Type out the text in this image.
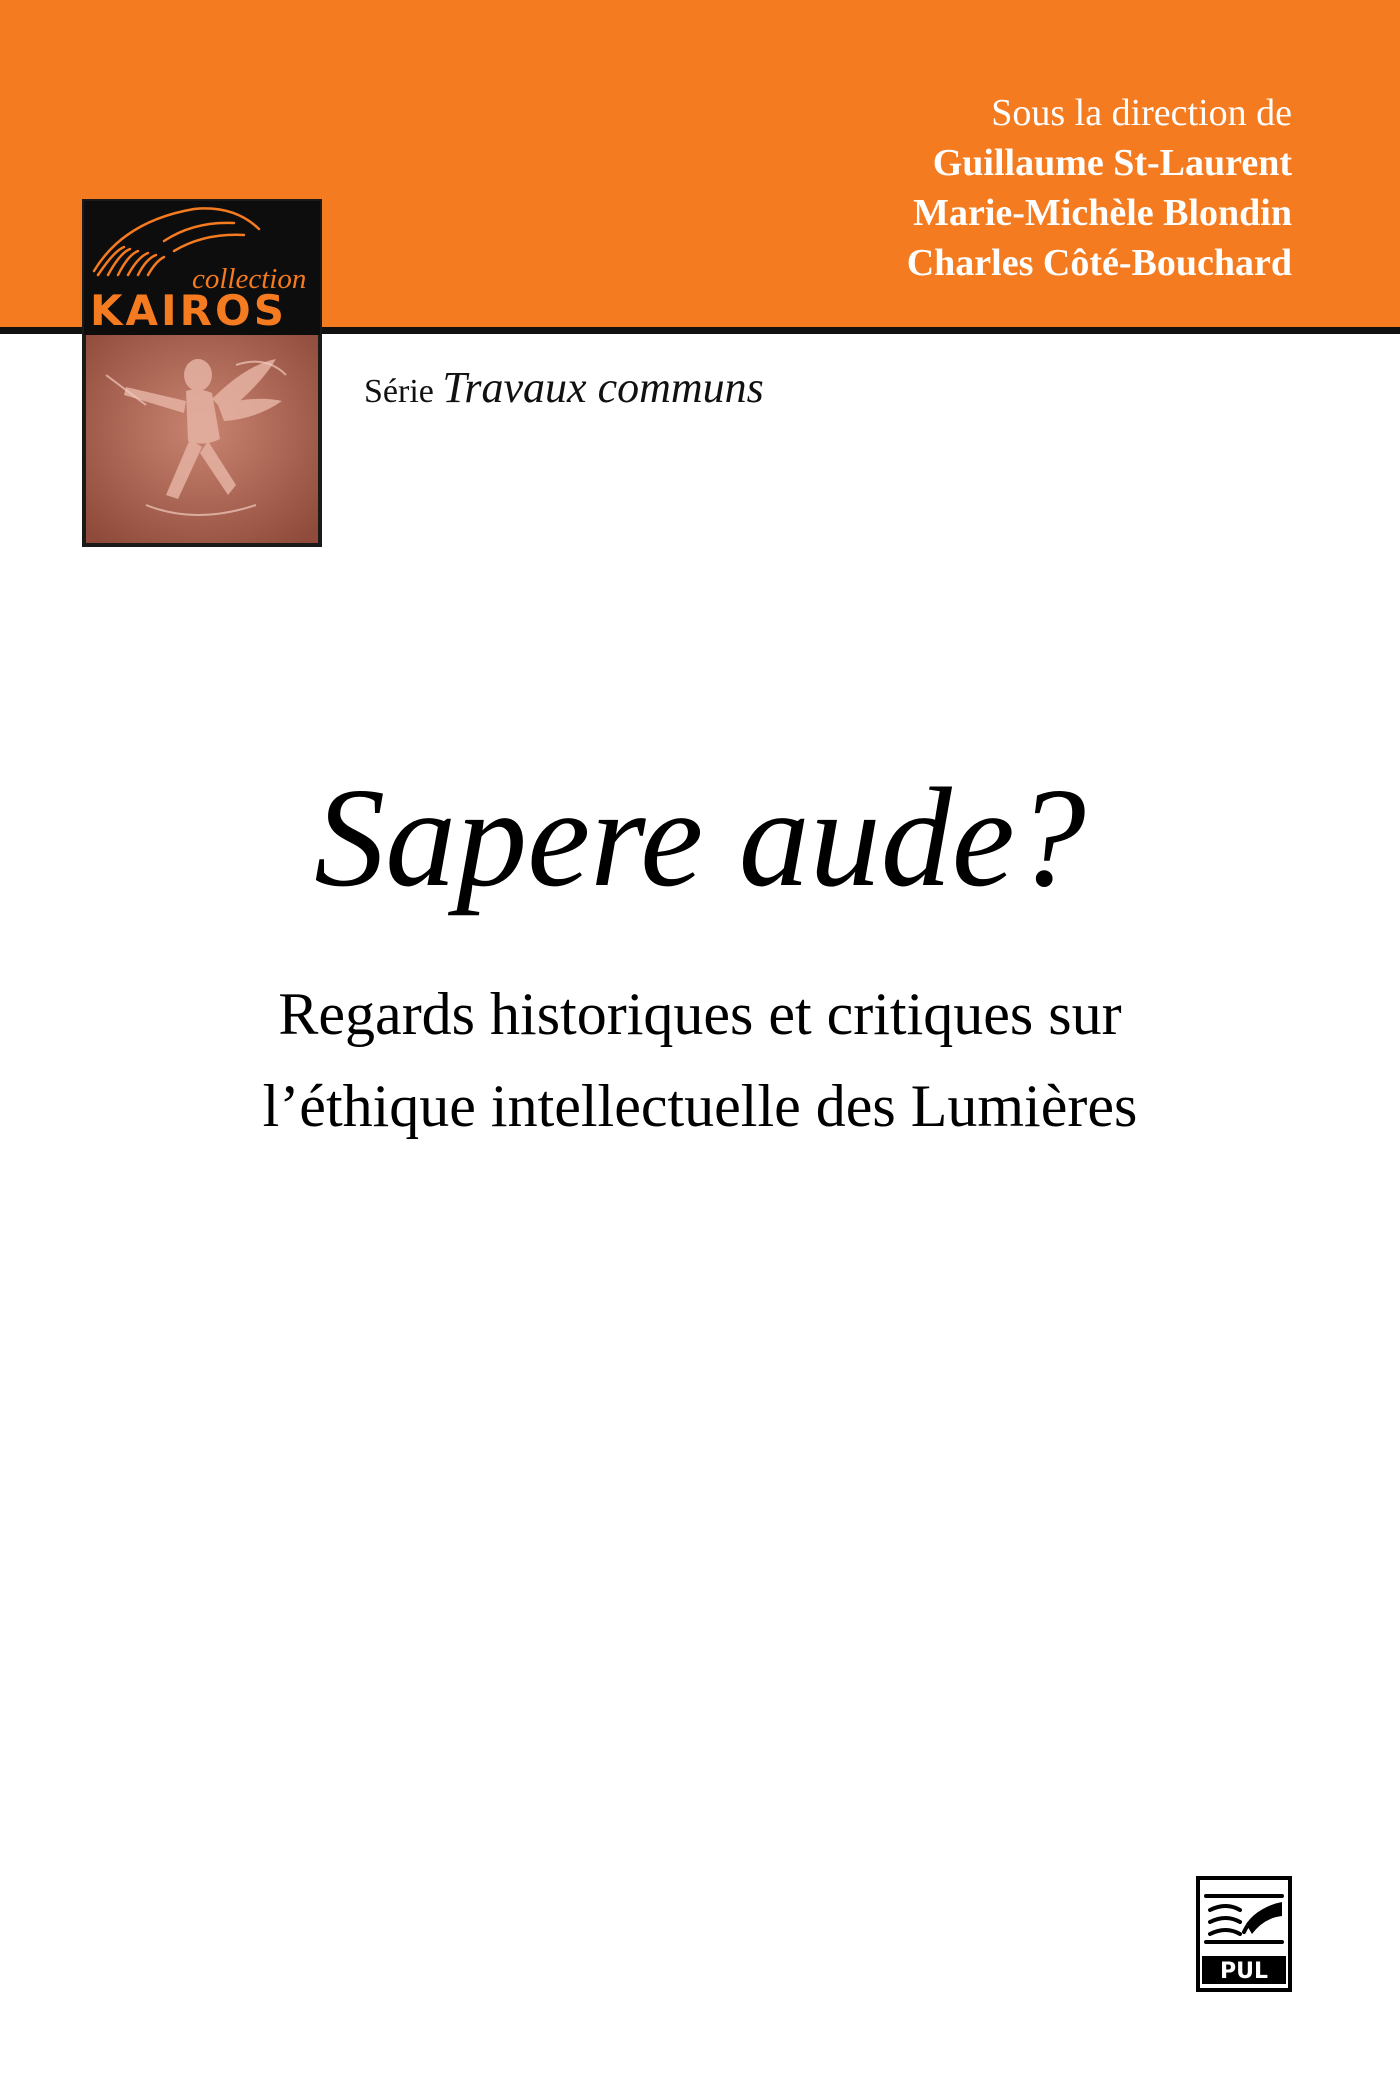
Sous la direction de
Guillaume St-Laurent
Marie-Michèle Blondin
Charles Côté-Bouchard
collection
KAIROS
Série Travaux communs
Sapere aude?
Regards historiques et critiques sur
l’éthique intellectuelle des Lumières
PUL
